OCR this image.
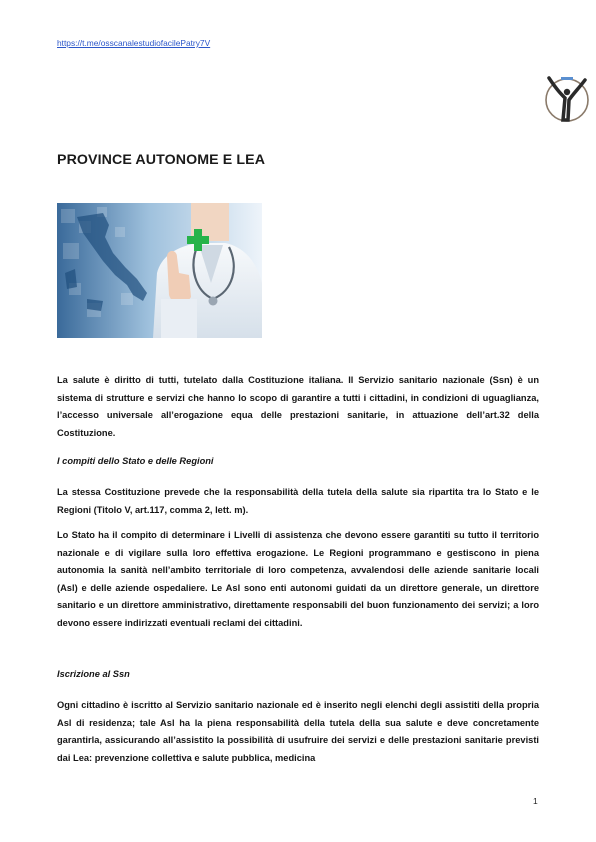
https://t.me/osscanalestudiofacilePatry7V
PROVINCE AUTONOME E LEA

La salute è diritto di tutti, tutelato dalla Costituzione italiana. Il Servizio sanitario nazionale (Ssn) è un sistema di strutture e servizi che hanno lo scopo di garantire a tutti i cittadini, in condizioni di uguaglianza, l’accesso universale all’erogazione equa delle prestazioni sanitarie, in attuazione dell’art.32 della Costituzione.

I compiti dello Stato e delle Regioni

La stessa Costituzione prevede che la responsabilità della tutela della salute sia ripartita tra lo Stato e le Regioni (Titolo V, art.117, comma 2, lett. m).

Lo Stato ha il compito di determinare i Livelli di assistenza che devono essere garantiti su tutto il territorio nazionale e di vigilare sulla loro effettiva erogazione. Le Regioni programmano e gestiscono in piena autonomia la sanità nell’ambito territoriale di loro competenza, avvalendosi delle aziende sanitarie locali (Asl) e delle aziende ospedaliere. Le Asl sono enti autonomi guidati da un direttore generale, un direttore sanitario e un direttore amministrativo, direttamente responsabili del buon funzionamento dei servizi; a loro devono essere indirizzati eventuali reclami dei cittadini.

Iscrizione al Ssn

Ogni cittadino è iscritto al Servizio sanitario nazionale ed è inserito negli elenchi degli assistiti della propria Asl di residenza; tale Asl ha la piena responsabilità della tutela della sua salute e deve concretamente garantirla, assicurando all’assistito la possibilità di usufruire dei servizi e delle prestazioni sanitarie previsti dai Lea: prevenzione collettiva e salute pubblica, medicina

1
